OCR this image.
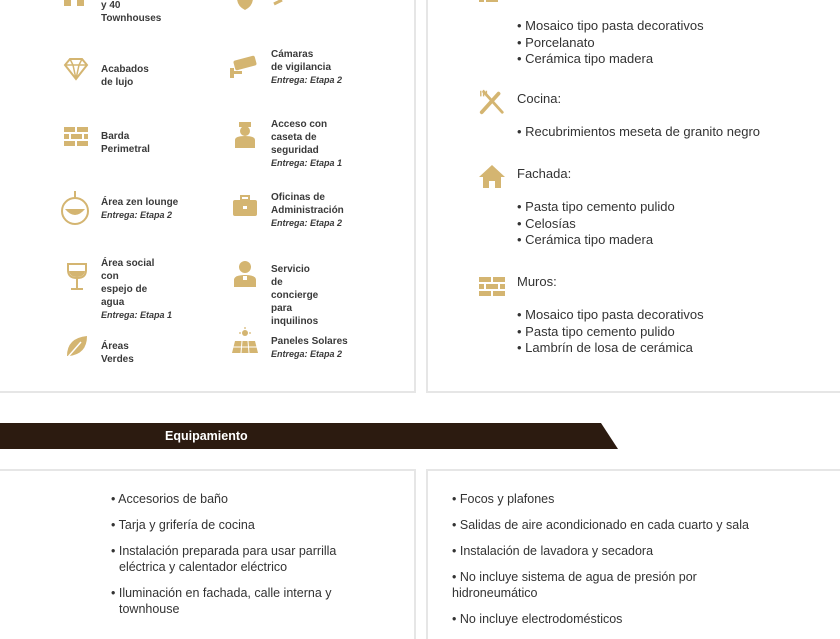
y 40 Townhouses
Acabados de lujo
Cámaras
de vigilancia
Entrega: Etapa 2
Barda Perimetral
Acceso con
caseta de seguridad
Entrega: Etapa 1
Área zen lounge
Entrega: Etapa 2
Oficinas de
Administración
Entrega: Etapa 2
Área social con
espejo de agua
Entrega: Etapa 1
Servicio de concierge
para inquilinos
Áreas Verdes
Paneles Solares
Entrega: Etapa 2
• Mosaico tipo pasta decorativos
• Porcelanato
• Cerámica tipo madera
Cocina:
• Recubrimientos meseta de granito negro
Fachada:
• Pasta tipo cemento pulido
• Celosías
• Cerámica tipo madera
Muros:
• Mosaico tipo pasta decorativos
• Pasta tipo cemento pulido
• Lambrín de losa de cerámica
Equipamiento
• Accesorios de baño
• Tarja y grifería de cocina
• Instalación preparada para usar parrilla eléctrica y calentador eléctrico
• Iluminación en fachada, calle interna y townhouse
• Focos y plafones
• Salidas de aire acondicionado en cada cuarto y sala
• Instalación de lavadora y secadora
• No incluye sistema de agua de presión por hidroneumático
• No incluye electrodomésticos
